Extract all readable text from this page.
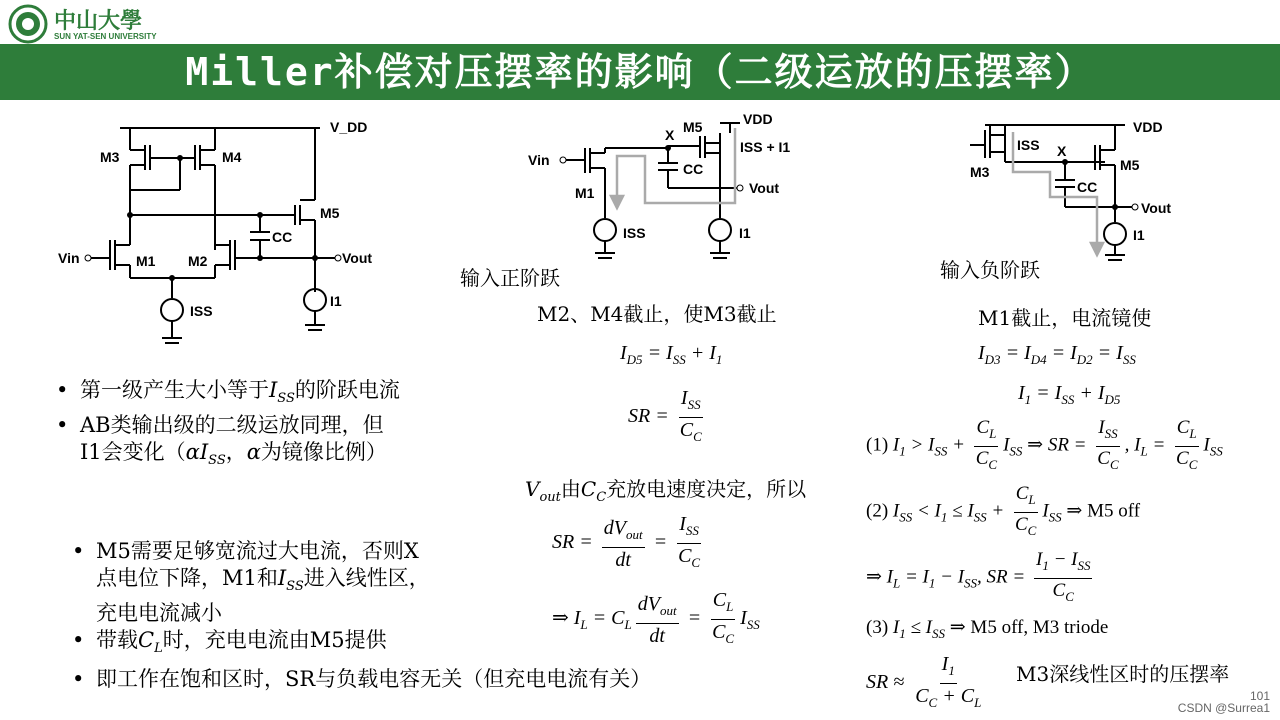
中山大學
SUN YAT-SEN UNIVERSITY
Miller补偿对压摆率的影响（二级运放的压摆率）
V_DD
M3	M4
M5
M1 M2
Vin	Vout
CC
ISS
I1
VDD
X M5
M1
Vin
Vout
CC
ISS	I1
ISS + I1
VDD
X
M5
M3
Vout
CC
ISS
I1
输入正阶跃	输入负阶跃
M2、M4截止，使M3截止	M1截止，电流镜使
• 第一级产生大小等于$I_{SS}$的阶跃电流
• AB类输出级的二级运放同理，但
I1会变化（$\alpha I_{SS}$，α为镜像比例）
• M5需要足够宽流过大电流，否则X
点电位下降，M1和$I_{SS}$进入线性区，
充电电流减小
• 带载$C_L$时，充电电流由M5提供
• 即工作在饱和区时，SR与负载电容无关（但充电电流有关）
$I_{D5} = I_{SS} + I_1$
SR = $\frac{I_{SS}}{C_C}$
$V_{out}$由$C_C$充放电速度决定，所以
SR = $\frac{dV_{out}}{dt} = \frac{I_{SS}}{C_C}$
⇒ $I_L = C_L \frac{dV_{out}}{dt} = \frac{C_L}{C_C} I_{SS}$
$I_{D3} = I_{D4} = I_{D2} = I_{SS}$
$I_1 = I_{SS} + I_{D5}$
(1) $I_1 > I_{SS} + \frac{C_L}{C_C} I_{SS}$ ⇒ SR = $\frac{I_{SS}}{C_C}$ , $I_L = \frac{C_L}{C_C} I_{SS}$
(2) $I_{SS} < I_1 \le I_{SS} + \frac{C_L}{C_C} I_{SS}$ ⇒ M5 off
⇒ $I_L = I_1 - I_{SS}$, SR = $\frac{I_1 - I_{SS}}{C_C}$
(3) $I_1 \le I_{SS}$ ⇒ M5 off, M3 triode
SR ≈ $\frac{I_1}{C_C + C_L} M3$深线性区时的压摆率
101
CSDN @Surrea1
